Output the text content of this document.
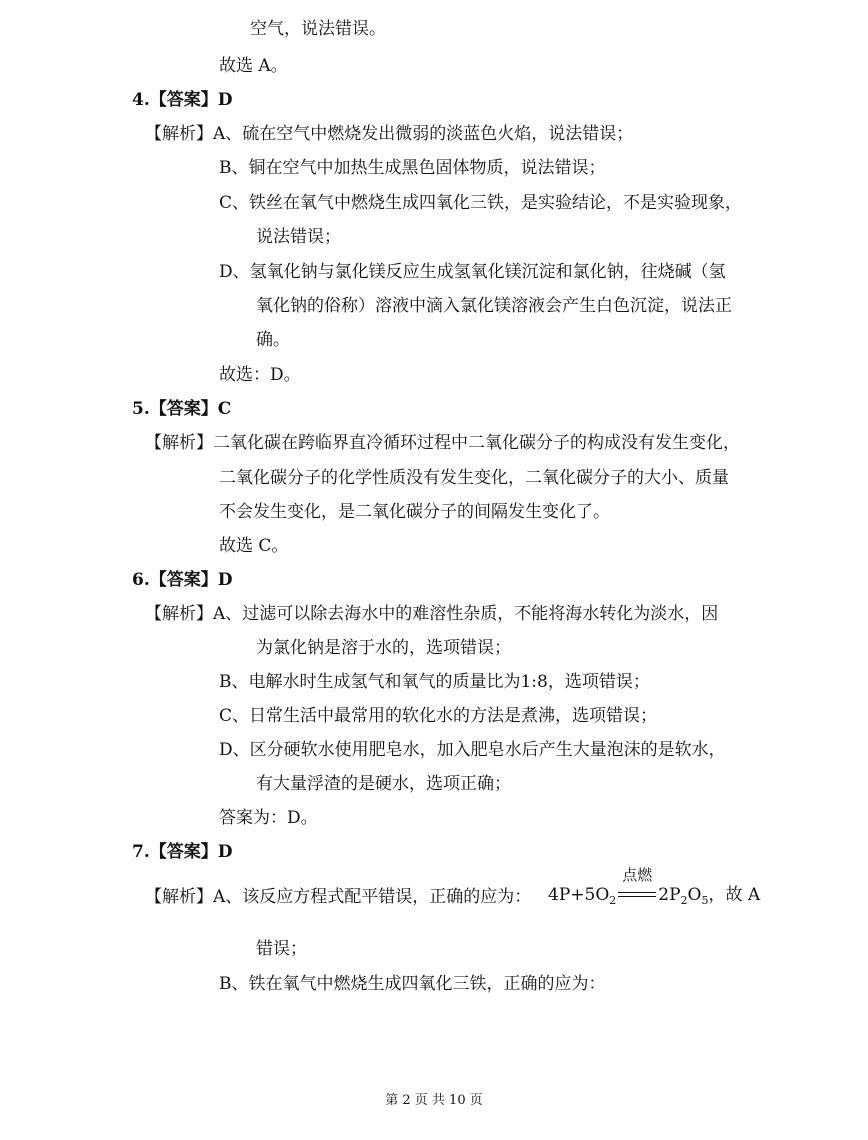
空气，说法错误。
故选 A。
4.【答案】D
【解析】A、硫在空气中燃烧发出微弱的淡蓝色火焰，说法错误；
B、铜在空气中加热生成黑色固体物质，说法错误；
C、铁丝在氧气中燃烧生成四氧化三铁，是实验结论，不是实验现象，
说法错误；
D、氢氧化钠与氯化镁反应生成氢氧化镁沉淀和氯化钠，往烧碱（氢
氧化钠的俗称）溶液中滴入氯化镁溶液会产生白色沉淀，说法正
确。
故选：D。
5.【答案】C
【解析】二氧化碳在跨临界直冷循环过程中二氧化碳分子的构成没有发生变化，
二氧化碳分子的化学性质没有发生变化，二氧化碳分子的大小、质量
不会发生变化，是二氧化碳分子的间隔发生变化了。
故选 C。
6.【答案】D
【解析】A、过滤可以除去海水中的难溶性杂质，不能将海水转化为淡水，因
为氯化钠是溶于水的，选项错误；
B、电解水时生成氢气和氧气的质量比为1:8，选项错误；
C、日常生活中最常用的软化水的方法是煮沸，选项错误；
D、区分硬软水使用肥皂水，加入肥皂水后产生大量泡沫的是软水，
有大量浮渣的是硬水，选项正确；
答案为：D。
7.【答案】D
【解析】A、该反应方程式配平错误，正确的应为： $4P+5O_2$
点燃
$2P_2O_5$，故 A
错误；
B、铁在氧气中燃烧生成四氧化三铁，正确的应为：
第 2 页 共 10 页
